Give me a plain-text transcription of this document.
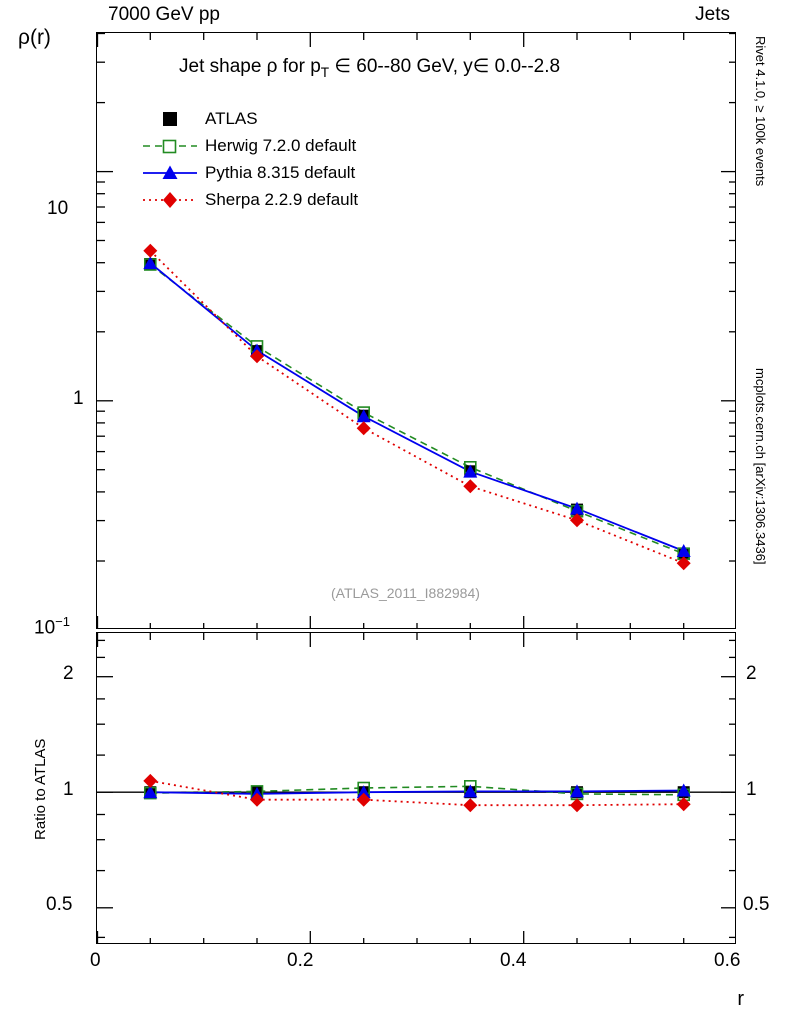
7000 GeV pp	Jets
Rivet 4.1.0, ≥ 100k events
mcplots.cern.ch [arXiv:1306.3436]
ρ(r)
Jet shape ρ for $p_T$ ∈ 60--80 GeV, y∈ 0.0--2.8
ATLAS
Herwig 7.2.0 default
Pythia 8.315 default
Sherpa 2.2.9 default
(ATLAS_2011_I882984)
10
1
$10^{-1}$
2
1
0.5
2
1
0.5
Ratio to ATLAS
0	0.2	0.4	0.6
r
